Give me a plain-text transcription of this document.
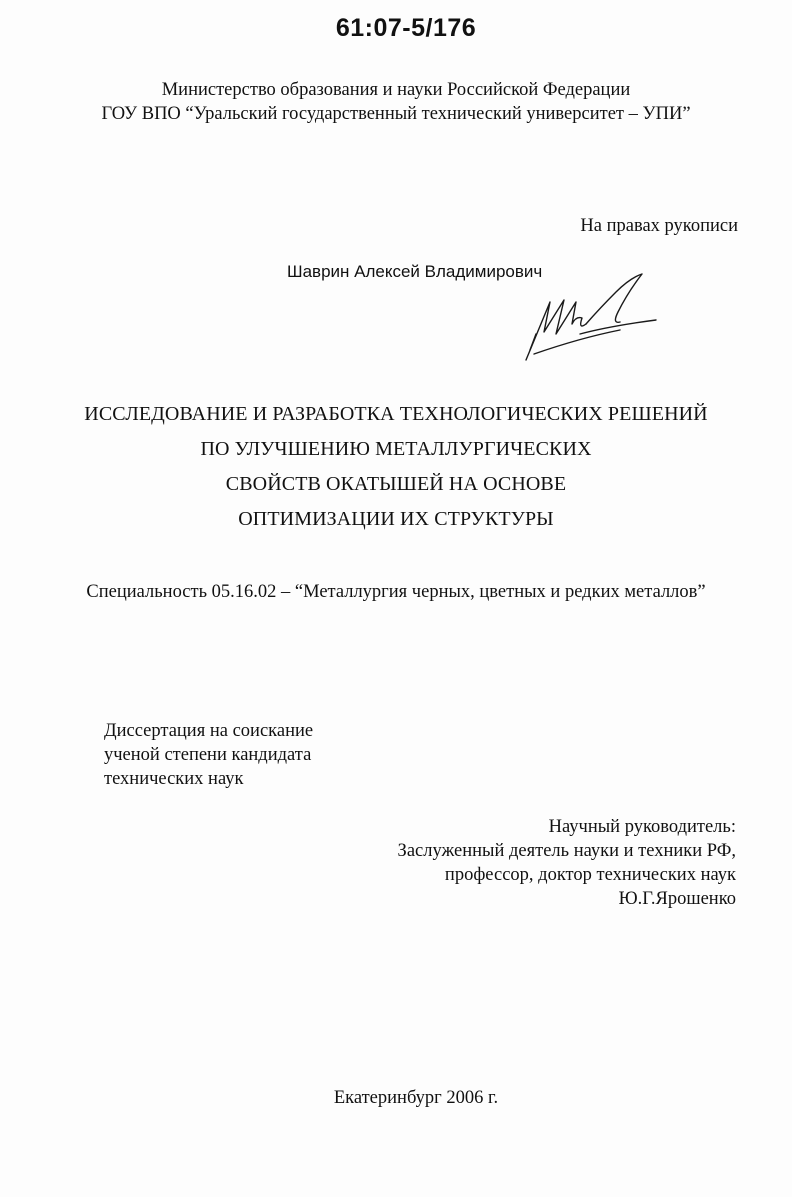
61:07-5/176
Министерство образования и науки Российской Федерации
ГОУ ВПО “Уральский государственный технический университет – УПИ”
На правах рукописи
Шаврин Алексей Владимирович
ИССЛЕДОВАНИЕ И РАЗРАБОТКА ТЕХНОЛОГИЧЕСКИХ РЕШЕНИЙ
ПО УЛУЧШЕНИЮ МЕТАЛЛУРГИЧЕСКИХ
СВОЙСТВ ОКАТЫШЕЙ НА ОСНОВЕ
ОПТИМИЗАЦИИ ИХ СТРУКТУРЫ
Специальность 05.16.02 – “Металлургия черных, цветных и редких металлов”
Диссертация на соискание
ученой степени кандидата
технических наук
Научный руководитель:
Заслуженный деятель науки и техники РФ,
профессор, доктор технических наук
Ю.Г.Ярошенко
Екатеринбург 2006 г.
